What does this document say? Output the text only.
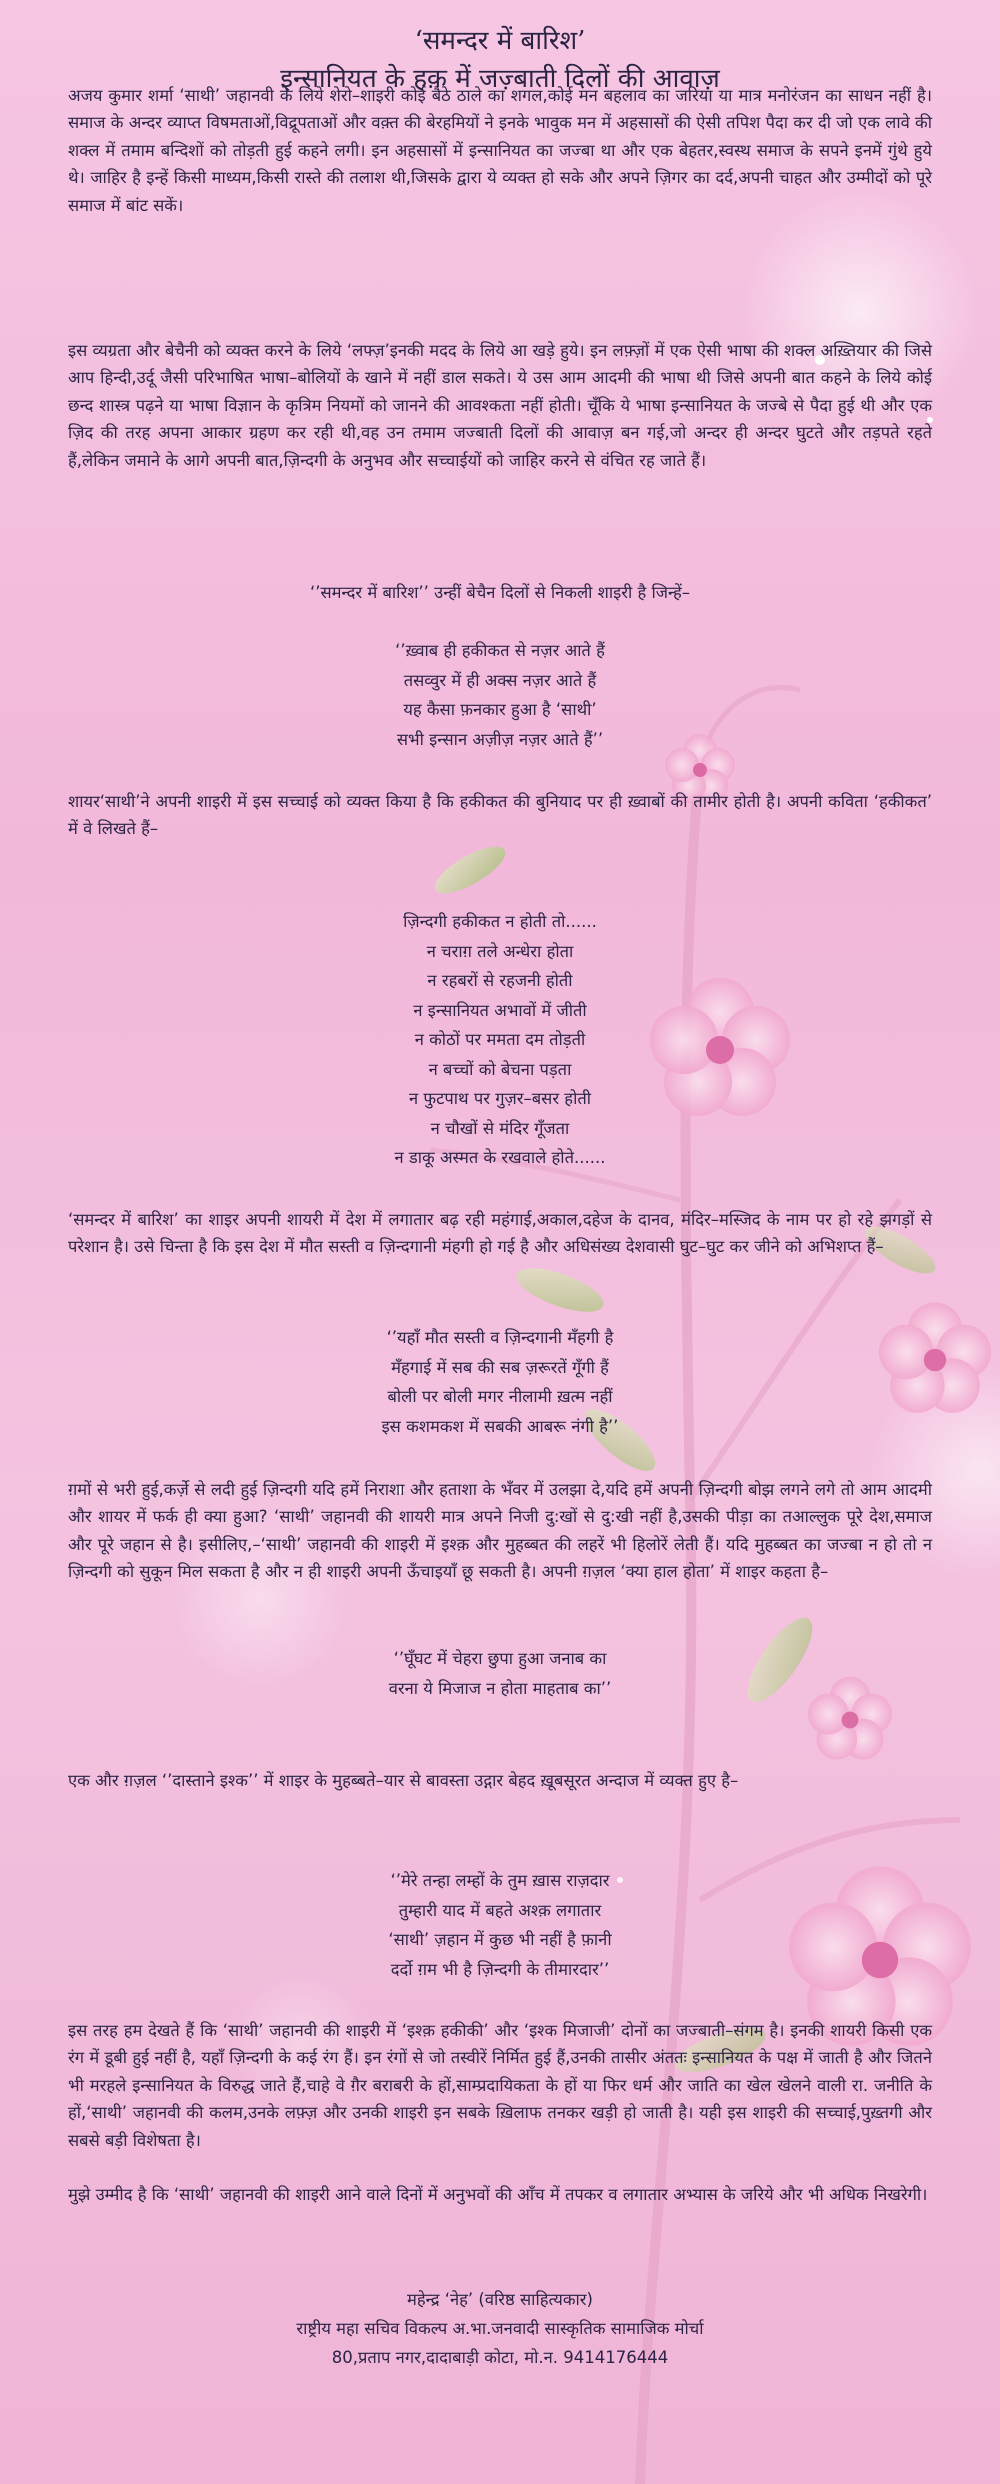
‘समन्दर में बारिश’
इन्सानियत के हक़ में जज़्बाती दिलों की आवाज़

अजय कुमार शर्मा ‘साथी’ जहानवी के लिये शेरो–शाइरी कोई बैठे ठाले का शगल,कोई मन बहलाव का जरिया या मात्र मनोरंजन का साधन नहीं है। समाज के अन्दर व्याप्त विषमताओं,विद्रूपताओं और वक़्त की बेरहमियों ने इनके भावुक मन में अहसासों की ऐसी तपिश पैदा कर दी जो एक लावे की शक्ल में तमाम बन्दिशों को तोड़ती हुई कहने लगी। इन अहसासों में इन्सानियत का जज्बा था और एक बेहतर,स्वस्थ समाज के सपने इनमें गुंथे हुये थे। जाहिर है इन्हें किसी माध्यम,किसी रास्ते की तलाश थी,जिसके द्वारा ये व्यक्त हो सके और अपने ज़िगर का दर्द,अपनी चाहत और उम्मीदों को पूरे समाज में बांट सकें।

इस व्यग्रता और बेचैनी को व्यक्त करने के लिये ‘लफ्ज़’इनकी मदद के लिये आ खड़े हुये। इन लफ़्ज़ों में एक ऐसी भाषा की शक्ल अख़्तियार की जिसे आप हिन्दी,उर्दू जैसी परिभाषित भाषा–बोलियों के खाने में नहीं डाल सकते। ये उस आम आदमी की भाषा थी जिसे अपनी बात कहने के लिये कोई छन्द शास्त्र पढ़ने या भाषा विज्ञान के कृत्रिम नियमों को जानने की आवश्कता नहीं होती। चूँकि ये भाषा इन्सानियत के जज्बे से पैदा हुई थी और एक ज़िद की तरह अपना आकार ग्रहण कर रही थी,वह उन तमाम जज्बाती दिलों की आवाज़ बन गई,जो अन्दर ही अन्दर घुटते और तड़पते रहते हैं,लेकिन जमाने के आगे अपनी बात,ज़िन्दगी के अनुभव और सच्चाईयों को जाहिर करने से वंचित रह जाते हैं।

‘’समन्दर में बारिश’’ उन्हीं बेचैन दिलों से निकली शाइरी है जिन्हें–
‘’ख़्वाब ही हकीकत से नज़र आते हैं
तसव्वुर में ही अक्स नज़र आते हैं
यह कैसा फ़नकार हुआ है ‘साथी’
सभी इन्सान अज़ीज़ नज़र आते हैं’’

शायर‘साथी’ने अपनी शाइरी में इस सच्चाई को व्यक्त किया है कि हकीकत की बुनियाद पर ही ख़्वाबों की तामीर होती है। अपनी कविता ‘हकीकत’ में वे लिखते हैं–

ज़िन्दगी हकीकत न होती तो......
न चराग़ तले अन्धेरा होता
न रहबरों से रहजनी होती
न इन्सानियत अभावों में जीती
न कोठों पर ममता दम तोड़ती
न बच्चों को बेचना पड़ता
न फुटपाथ पर गुज़र–बसर होती
न चौखों से मंदिर गूँजता
न डाकू अस्मत के रखवाले होते......

‘समन्दर में बारिश’ का शाइर अपनी शायरी में देश में लगातार बढ़ रही महंगाई,अकाल,दहेज के दानव, मंदिर–मस्जिद के नाम पर हो रहे झगड़ों से परेशान है। उसे चिन्ता है कि इस देश में मौत सस्ती व ज़िन्दगानी मंहगी हो गई है और अधिसंख्य देशवासी घुट–घुट कर जीने को अभिशप्त हैं–

‘’यहाँ मौत सस्ती व ज़िन्दगानी मँहगी है
मँहगाई में सब की सब ज़रूरतें गूँगी हैं
बोली पर बोली मगर नीलामी ख़त्म नहीं
इस कशमकश में सबकी आबरू नंगी है’’

ग़मों से भरी हुई,कर्ज़े से लदी हुई ज़िन्दगी यदि हमें निराशा और हताशा के भँवर में उलझा दे,यदि हमें अपनी ज़िन्दगी बोझ लगने लगे तो आम आदमी और शायर में फर्क ही क्या हुआ? ‘साथी’ जहानवी की शायरी मात्र अपने निजी दु:खों से दु:खी नहीं है,उसकी पीड़ा का तआल्लुक पूरे देश,समाज और पूरे जहान से है। इसीलिए,–‘साथी’ जहानवी की शाइरी में इश्क़ और मुहब्बत की लहरें भी हिलोरें लेती हैं। यदि मुहब्बत का जज्बा न हो तो न ज़िन्दगी को सुकून मिल सकता है और न ही शाइरी अपनी ऊँचाइयाँ छू सकती है। अपनी ग़ज़ल ‘क्या हाल होता’ में शाइर कहता है–

‘’घूँघट में चेहरा छुपा हुआ जनाब का
वरना ये मिजाज न होता माहताब का’’

एक और ग़ज़ल ‘’दास्ताने इश्क’’ में शाइर के मुहब्बते–यार से बावस्ता उद्गार बेहद ख़ूबसूरत अन्दाज में व्यक्त हुए है–

‘’मेरे तन्हा लम्हों के तुम ख़ास राज़दार
तुम्हारी याद में बहते अश्क़ लगातार
‘साथी’ ज़हान में कुछ भी नहीं है फ़ानी
दर्दो ग़म भी है ज़िन्दगी के तीमारदार’’

इस तरह हम देखते हैं कि ‘साथी’ जहानवी की शाइरी में ‘इश्क़ हकीकी’ और ‘इश्क मिजाजी’ दोनों का जज्बाती–संगम है। इनकी शायरी किसी एक रंग में डूबी हुई नहीं है, यहाँ ज़िन्दगी के कई रंग हैं। इन रंगों से जो तस्वीरें निर्मित हुई हैं,उनकी तासीर अंततः इन्सानियत के पक्ष में जाती है और जितने भी मरहले इन्सानियत के विरुद्ध जाते हैं,चाहे वे ग़ैर बराबरी के हों,साम्प्रदायिकता के हों या फिर धर्म और जाति का खेल खेलने वाली रा. जनीति के हों,‘साथी’ जहानवी की कलम,उनके लफ़्ज़ और उनकी शाइरी इन सबके ख़िलाफ तनकर खड़ी हो जाती है। यही इस शाइरी की सच्चाई,पुख़्तगी और सबसे बड़ी विशेषता है।

मुझे उम्मीद है कि ‘साथी’ जहानवी की शाइरी आने वाले दिनों में अनुभवों की आँच में तपकर व लगातार अभ्यास के जरिये और भी अधिक निखरेगी।

महेन्द्र ‘नेह’ (वरिष्ठ साहित्यकार)
राष्ट्रीय महा सचिव विकल्प अ.भा.जनवादी सास्कृतिक सामाजिक मोर्चा
80,प्रताप नगर,दादाबाड़ी कोटा, मो.न. 9414176444
